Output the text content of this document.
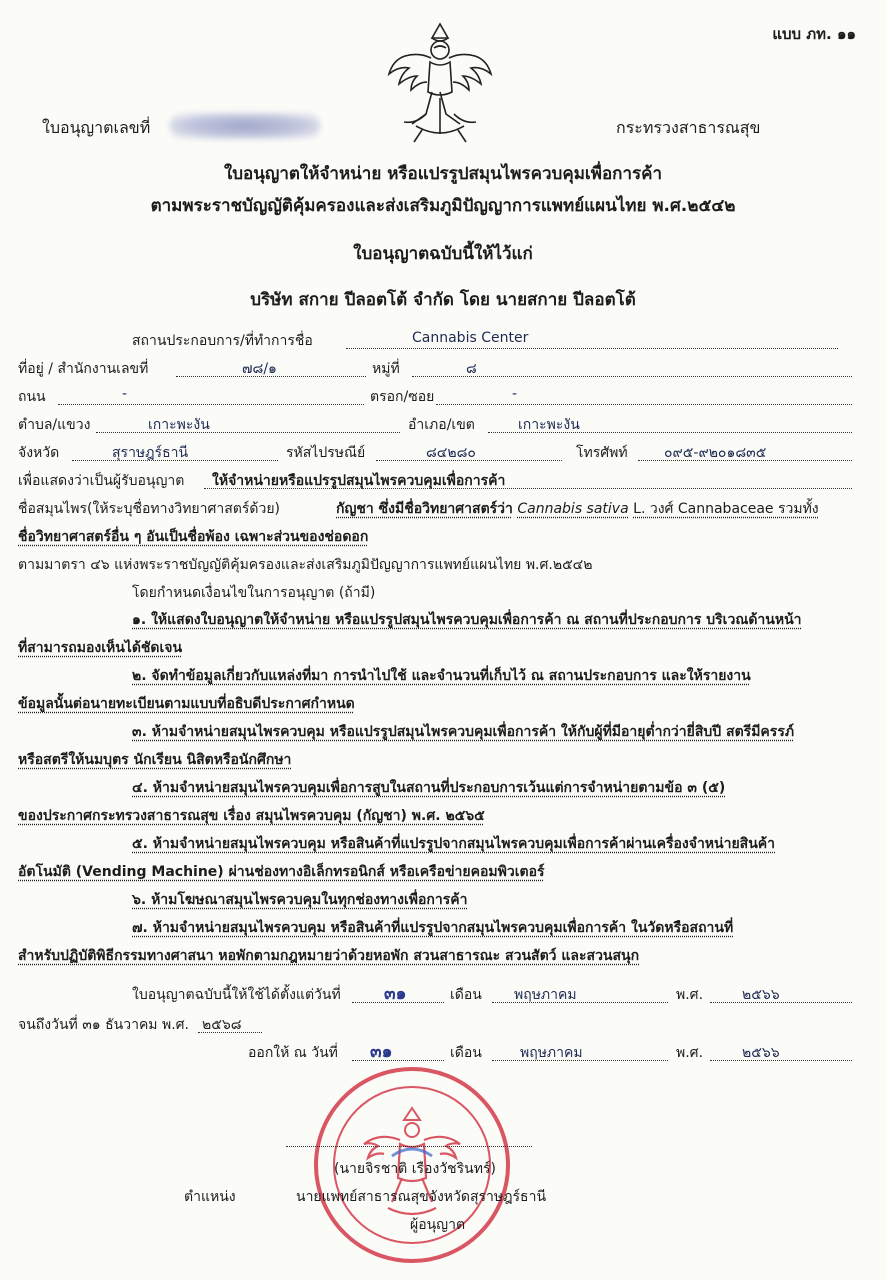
แบบ ภท. ๑๑
ใบอนุญาตเลขที่	กระทรวงสาธารณสุข
ใบอนุญาตให้จำหน่าย หรือแปรรูปสมุนไพรควบคุมเพื่อการค้า
ตามพระราชบัญญัติคุ้มครองและส่งเสริมภูมิปัญญาการแพทย์แผนไทย พ.ศ.๒๕๔๒
ใบอนุญาตฉบับนี้ให้ไว้แก่
บริษัท สกาย ปีลอตโต้ จำกัด โดย นายสกาย ปีลอตโต้
สถานประกอบการ/ที่ทำการชื่อ	Cannabis Center
ที่อยู่ / สำนักงานเลขที่	๗๘/๑	หมู่ที่	๘
ถนน	-	ตรอก/ซอย	-
ตำบล/แขวง	เกาะพะงัน	อำเภอ/เขต	เกาะพะงัน
จังหวัด	สุราษฎร์ธานี	รหัสไปรษณีย์	๘๔๒๘๐	โทรศัพท์	๐๙๕-๙๒๐๑๘๓๕
เพื่อแสดงว่าเป็นผู้รับอนุญาต ให้จำหน่ายหรือแปรรูปสมุนไพรควบคุมเพื่อการค้า
ชื่อสมุนไพร(ให้ระบุชื่อทางวิทยาศาสตร์ด้วย)	กัญชา ซึ่งมีชื่อวิทยาศาสตร์ว่า Cannabis sativa L. วงศ์ Cannabaceae รวมทั้ง
ชื่อวิทยาศาสตร์อื่น ๆ อันเป็นชื่อพ้อง เฉพาะส่วนของช่อดอก
ตามมาตรา ๔๖ แห่งพระราชบัญญัติคุ้มครองและส่งเสริมภูมิปัญญาการแพทย์แผนไทย พ.ศ.๒๕๔๒
โดยกำหนดเงื่อนไขในการอนุญาต (ถ้ามี)
๑. ให้แสดงใบอนุญาตให้จำหน่าย หรือแปรรูปสมุนไพรควบคุมเพื่อการค้า ณ สถานที่ประกอบการ บริเวณด้านหน้า
ที่สามารถมองเห็นได้ชัดเจน
๒. จัดทำข้อมูลเกี่ยวกับแหล่งที่มา การนำไปใช้ และจำนวนที่เก็บไว้ ณ สถานประกอบการ และให้รายงาน
ข้อมูลนั้นต่อนายทะเบียนตามแบบที่อธิบดีประกาศกำหนด
๓. ห้ามจำหน่ายสมุนไพรควบคุม หรือแปรรูปสมุนไพรควบคุมเพื่อการค้า ให้กับผู้ที่มีอายุต่ำกว่ายี่สิบปี สตรีมีครรภ์
หรือสตรีให้นมบุตร นักเรียน นิสิตหรือนักศึกษา
๔. ห้ามจำหน่ายสมุนไพรควบคุมเพื่อการสูบในสถานที่ประกอบการเว้นแต่การจำหน่ายตามข้อ ๓ (๕)
ของประกาศกระทรวงสาธารณสุข เรื่อง สมุนไพรควบคุม (กัญชา) พ.ศ. ๒๕๖๕
๕. ห้ามจำหน่ายสมุนไพรควบคุม หรือสินค้าที่แปรรูปจากสมุนไพรควบคุมเพื่อการค้าผ่านเครื่องจำหน่ายสินค้า
อัตโนมัติ (Vending Machine) ผ่านช่องทางอิเล็กทรอนิกส์ หรือเครือข่ายคอมพิวเตอร์
๖. ห้ามโฆษณาสมุนไพรควบคุมในทุกช่องทางเพื่อการค้า
๗. ห้ามจำหน่ายสมุนไพรควบคุม หรือสินค้าที่แปรรูปจากสมุนไพรควบคุมเพื่อการค้า ในวัดหรือสถานที่
สำหรับปฏิบัติพิธีกรรมทางศาสนา หอพักตามกฎหมายว่าด้วยหอพัก สวนสาธารณะ สวนสัตว์ และสวนสนุก
ใบอนุญาตฉบับนี้ให้ใช้ได้ตั้งแต่วันที่	๓๑	เดือน พฤษภาคม	พ.ศ.	๒๕๖๖
จนถึงวันที่ ๓๑ ธันวาคม พ.ศ. ๒๕๖๘
ออกให้ ณ วันที่ ๓๑	เดือน	พฤษภาคม	พ.ศ.	๒๕๖๖
(นายจิรชาติ เรืองวัชรินทร์)
ตำแหน่ง	นายแพทย์สาธารณสุขจังหวัดสุราษฎร์ธานี
ผู้อนุญาต
